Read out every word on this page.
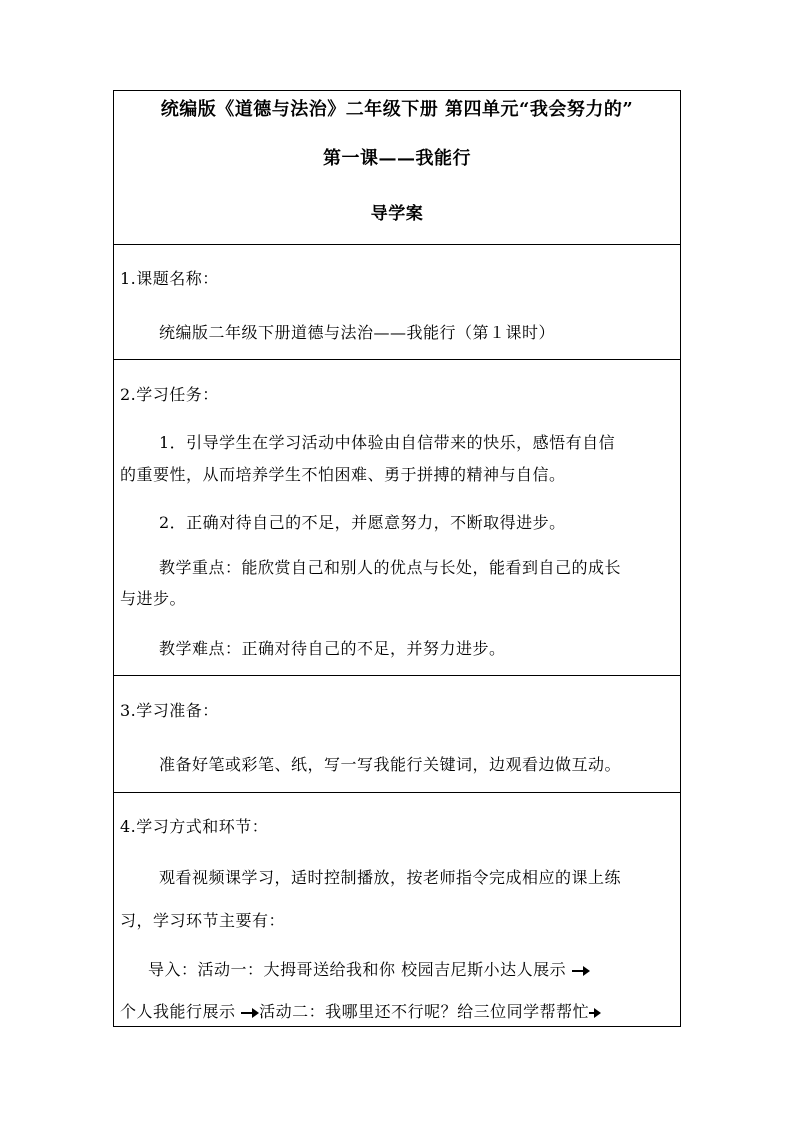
统编版《道德与法治》二年级下册 第四单元“我会努力的”
第一课——我能行
导学案
1.课题名称：
统编版二年级下册道德与法治——我能行（第１课时）
2.学习任务：
1．引导学生在学习活动中体验由自信带来的快乐，感悟有自信
的重要性，从而培养学生不怕困难、勇于拼搏的精神与自信。
2．正确对待自己的不足，并愿意努力，不断取得进步。
教学重点：能欣赏自己和别人的优点与长处，能看到自己的成长
与进步。
教学难点：正确对待自己的不足，并努力进步。
3.学习准备：
准备好笔或彩笔、纸，写一写我能行关键词，边观看边做互动。
4.学习方式和环节：
观看视频课学习，适时控制播放，按老师指令完成相应的课上练
习，学习环节主要有：
导入：活动一：大拇哥送给我和你 校园吉尼斯小达人展示
个人我能行展示 活动二：我哪里还不行呢？给三位同学帮帮忙
